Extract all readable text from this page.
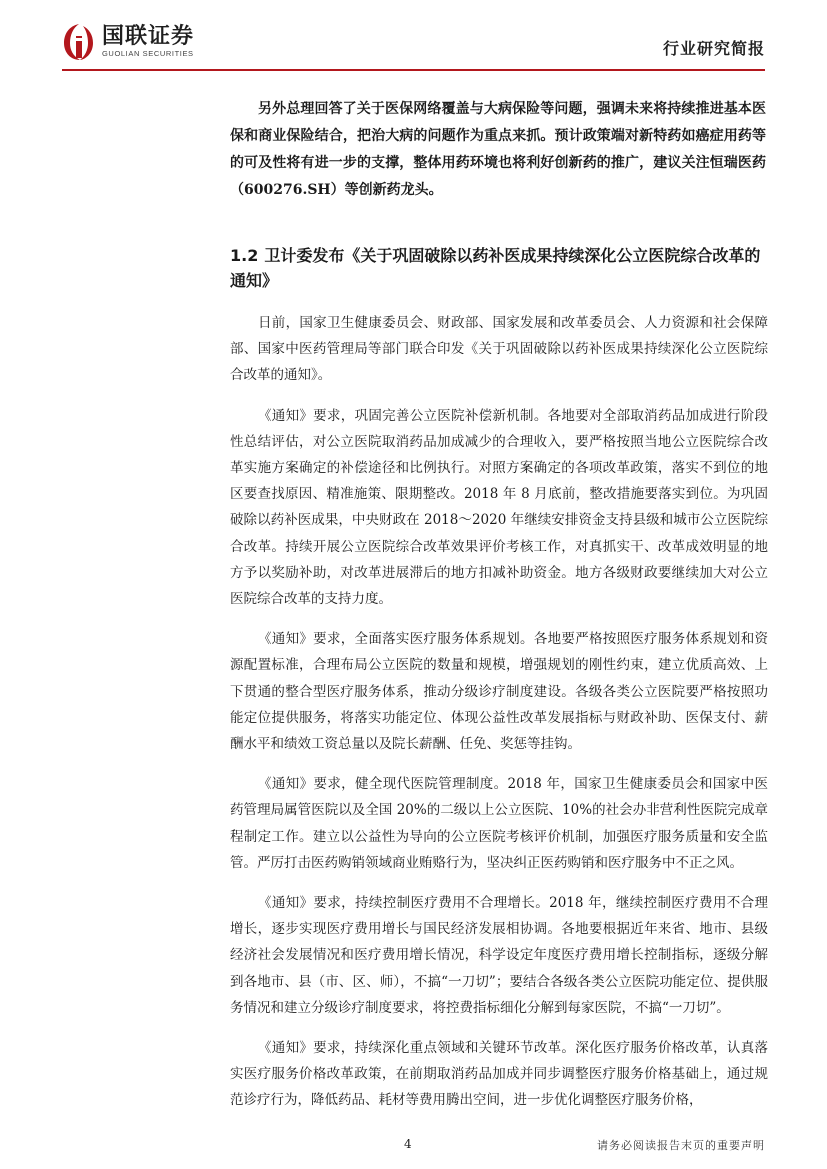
国联证券
GUOLIAN SECURITIES	行业研究简报

另外总理回答了关于医保网络覆盖与大病保险等问题，强调未来将持续推进基本医保和商业保险结合，把治大病的问题作为重点来抓。预计政策端对新特药如癌症用药等的可及性将有进一步的支撑，整体用药环境也将利好创新药的推广，建议关注恒瑞医药（600276.SH）等创新药龙头。

1.2 卫计委发布《关于巩固破除以药补医成果持续深化公立医院综合改革的通知》

日前，国家卫生健康委员会、财政部、国家发展和改革委员会、人力资源和社会保障部、国家中医药管理局等部门联合印发《关于巩固破除以药补医成果持续深化公立医院综合改革的通知》。

《通知》要求，巩固完善公立医院补偿新机制。各地要对全部取消药品加成进行阶段性总结评估，对公立医院取消药品加成减少的合理收入，要严格按照当地公立医院综合改革实施方案确定的补偿途径和比例执行。对照方案确定的各项改革政策，落实不到位的地区要查找原因、精准施策、限期整改。2018 年 8 月底前，整改措施要落实到位。为巩固破除以药补医成果，中央财政在 2018～2020 年继续安排资金支持县级和城市公立医院综合改革。持续开展公立医院综合改革效果评价考核工作，对真抓实干、改革成效明显的地方予以奖励补助，对改革进展滞后的地方扣减补助资金。地方各级财政要继续加大对公立医院综合改革的支持力度。

《通知》要求，全面落实医疗服务体系规划。各地要严格按照医疗服务体系规划和资源配置标准，合理布局公立医院的数量和规模，增强规划的刚性约束，建立优质高效、上下贯通的整合型医疗服务体系，推动分级诊疗制度建设。各级各类公立医院要严格按照功能定位提供服务，将落实功能定位、体现公益性改革发展指标与财政补助、医保支付、薪酬水平和绩效工资总量以及院长薪酬、任免、奖惩等挂钩。

《通知》要求，健全现代医院管理制度。2018 年，国家卫生健康委员会和国家中医药管理局属管医院以及全国 20%的二级以上公立医院、10%的社会办非营利性医院完成章程制定工作。建立以公益性为导向的公立医院考核评价机制，加强医疗服务质量和安全监管。严厉打击医药购销领域商业贿赂行为，坚决纠正医药购销和医疗服务中不正之风。

《通知》要求，持续控制医疗费用不合理增长。2018 年，继续控制医疗费用不合理增长，逐步实现医疗费用增长与国民经济发展相协调。各地要根据近年来省、地市、县级经济社会发展情况和医疗费用增长情况，科学设定年度医疗费用增长控制指标，逐级分解到各地市、县（市、区、师），不搞“一刀切”；要结合各级各类公立医院功能定位、提供服务情况和建立分级诊疗制度要求，将控费指标细化分解到每家医院，不搞“一刀切”。

《通知》要求，持续深化重点领域和关键环节改革。深化医疗服务价格改革，认真落实医疗服务价格改革政策，在前期取消药品加成并同步调整医疗服务价格基础上，通过规范诊疗行为，降低药品、耗材等费用腾出空间，进一步优化调整医疗服务价格，

4	请务必阅读报告末页的重要声明
